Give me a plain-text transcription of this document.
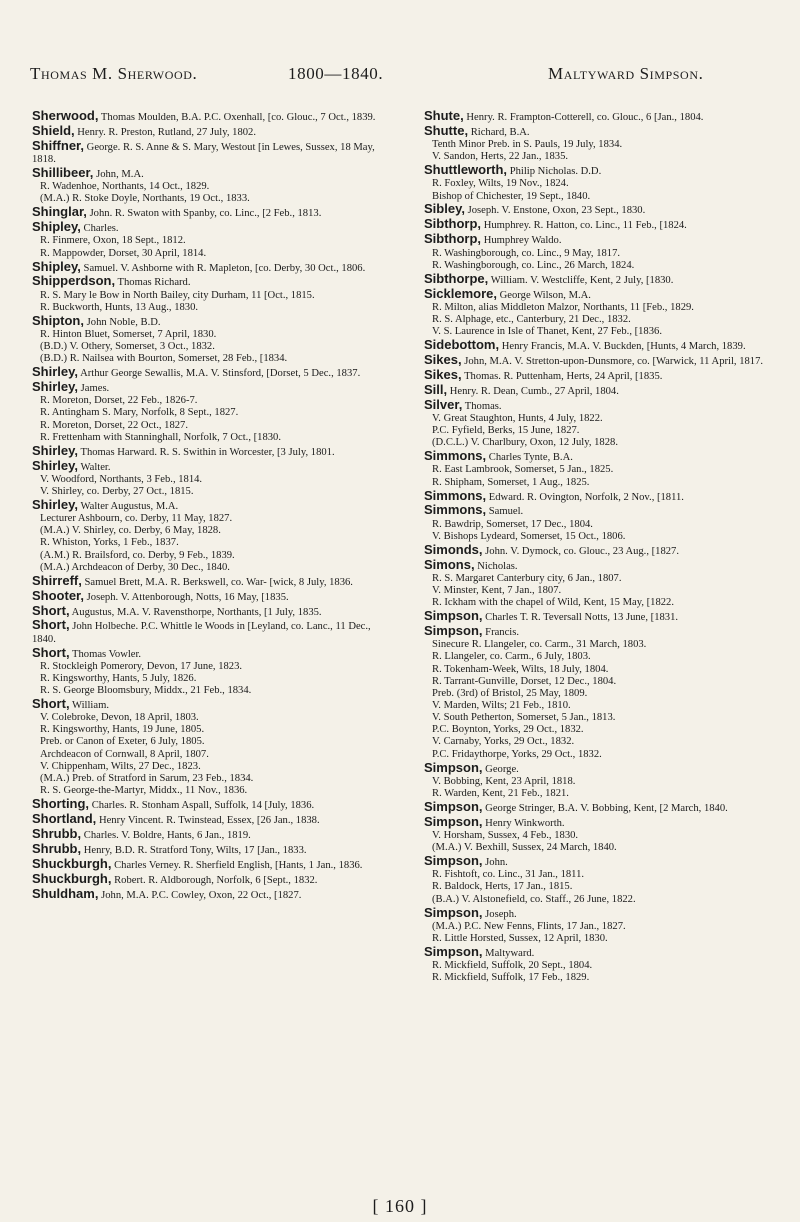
Thomas M. Sherwood.	1800—1840.	Maltyward Simpson.

Sherwood, Thomas Moulden, B.A. P.C. Oxenhall, [co. Glouc., 7 Oct., 1839.

Shield, Henry. R. Preston, Rutland, 27 July, 1802.

Shiffner, George. R. S. Anne & S. Mary, Westout [in Lewes, Sussex, 18 May, 1818.

Shillibeer, John, M.A.

R. Wadenhoe, Northants, 14 Oct., 1829.

(M.A.) R. Stoke Doyle, Northants, 19 Oct., 1833.

Shinglar, John. R. Swaton with Spanby, co. Linc., [2 Feb., 1813.

Shipley, Charles.

R. Finmere, Oxon, 18 Sept., 1812.

R. Mappowder, Dorset, 30 April, 1814.

Shipley, Samuel. V. Ashborne with R. Mapleton, [co. Derby, 30 Oct., 1806.

Shipperdson, Thomas Richard.

R. S. Mary le Bow in North Bailey, city Durham, 11 [Oct., 1815.

R. Buckworth, Hunts, 13 Aug., 1830.

Shipton, John Noble, B.D.

R. Hinton Bluet, Somerset, 7 April, 1830.

(B.D.) V. Othery, Somerset, 3 Oct., 1832.

(B.D.) R. Nailsea with Bourton, Somerset, 28 Feb., [1834.

Shirley, Arthur George Sewallis, M.A. V. Stinsford, [Dorset, 5 Dec., 1837.

Shirley, James.

R. Moreton, Dorset, 22 Feb., 1826-7.

R. Antingham S. Mary, Norfolk, 8 Sept., 1827.

R. Moreton, Dorset, 22 Oct., 1827.

R. Frettenham with Stanninghall, Norfolk, 7 Oct., [1830.

Shirley, Thomas Harward. R. S. Swithin in Worcester, [3 July, 1801.

Shirley, Walter.

V. Woodford, Northants, 3 Feb., 1814.

V. Shirley, co. Derby, 27 Oct., 1815.

Shirley, Walter Augustus, M.A.

Lecturer Ashbourn, co. Derby, 11 May, 1827.

(M.A.) V. Shirley, co. Derby, 6 May, 1828.

R. Whiston, Yorks, 1 Feb., 1837.

(A.M.) R. Brailsford, co. Derby, 9 Feb., 1839.

(M.A.) Archdeacon of Derby, 30 Dec., 1840.

Shirreff, Samuel Brett, M.A. R. Berkswell, co. War- [wick, 8 July, 1836.

Shooter, Joseph. V. Attenborough, Notts, 16 May, [1835.

Short, Augustus, M.A. V. Ravensthorpe, Northants, [1 July, 1835.

Short, John Holbeche. P.C. Whittle le Woods in [Leyland, co. Lanc., 11 Dec., 1840.

Short, Thomas Vowler.

R. Stockleigh Pomerory, Devon, 17 June, 1823.

R. Kingsworthy, Hants, 5 July, 1826.

R. S. George Bloomsbury, Middx., 21 Feb., 1834.

Short, William.

V. Colebroke, Devon, 18 April, 1803.

R. Kingsworthy, Hants, 19 June, 1805.

Preb. or Canon of Exeter, 6 July, 1805.

Archdeacon of Cornwall, 8 April, 1807.

V. Chippenham, Wilts, 27 Dec., 1823.

(M.A.) Preb. of Stratford in Sarum, 23 Feb., 1834.

R. S. George-the-Martyr, Middx., 11 Nov., 1836.

Shorting, Charles. R. Stonham Aspall, Suffolk, 14 [July, 1836.

Shortland, Henry Vincent. R. Twinstead, Essex, [26 Jan., 1838.

Shrubb, Charles. V. Boldre, Hants, 6 Jan., 1819.

Shrubb, Henry, B.D. R. Stratford Tony, Wilts, 17 [Jan., 1833.

Shuckburgh, Charles Verney. R. Sherfield English, [Hants, 1 Jan., 1836.

Shuckburgh, Robert. R. Aldborough, Norfolk, 6 [Sept., 1832.

Shuldham, John, M.A. P.C. Cowley, Oxon, 22 Oct., [1827.

Shute, Henry. R. Frampton-Cotterell, co. Glouc., 6 [Jan., 1804.

Shutte, Richard, B.A.

Tenth Minor Preb. in S. Pauls, 19 July, 1834.

V. Sandon, Herts, 22 Jan., 1835.

Shuttleworth, Philip Nicholas. D.D.

R. Foxley, Wilts, 19 Nov., 1824.

Bishop of Chichester, 19 Sept., 1840.

Sibley, Joseph. V. Enstone, Oxon, 23 Sept., 1830.

Sibthorp, Humphrey. R. Hatton, co. Linc., 11 Feb., [1824.

Sibthorp, Humphrey Waldo.

R. Washingborough, co. Linc., 9 May, 1817.

R. Washingborough, co. Linc., 26 March, 1824.

Sibthorpe, William. V. Westcliffe, Kent, 2 July, [1830.

Sicklemore, George Wilson, M.A.

R. Milton, alias Middleton Malzor, Northants, 11 [Feb., 1829.

R. S. Alphage, etc., Canterbury, 21 Dec., 1832.

V. S. Laurence in Isle of Thanet, Kent, 27 Feb., [1836.

Sidebottom, Henry Francis, M.A. V. Buckden, [Hunts, 4 March, 1839.

Sikes, John, M.A. V. Stretton-upon-Dunsmore, co. [Warwick, 11 April, 1817.

Sikes, Thomas. R. Puttenham, Herts, 24 April, [1835.

Sill, Henry. R. Dean, Cumb., 27 April, 1804.

Silver, Thomas.

V. Great Staughton, Hunts, 4 July, 1822.

P.C. Fyfield, Berks, 15 June, 1827.

(D.C.L.) V. Charlbury, Oxon, 12 July, 1828.

Simmons, Charles Tynte, B.A.

R. East Lambrook, Somerset, 5 Jan., 1825.

R. Shipham, Somerset, 1 Aug., 1825.

Simmons, Edward. R. Ovington, Norfolk, 2 Nov., [1811.

Simmons, Samuel.

R. Bawdrip, Somerset, 17 Dec., 1804.

V. Bishops Lydeard, Somerset, 15 Oct., 1806.

Simonds, John. V. Dymock, co. Glouc., 23 Aug., [1827.

Simons, Nicholas.

R. S. Margaret Canterbury city, 6 Jan., 1807.

V. Minster, Kent, 7 Jan., 1807.

R. Ickham with the chapel of Wild, Kent, 15 May, [1822.

Simpson, Charles T. R. Teversall Notts, 13 June, [1831.

Simpson, Francis.

Sinecure R. Llangeler, co. Carm., 31 March, 1803.

R. Llangeler, co. Carm., 6 July, 1803.

R. Tokenham-Week, Wilts, 18 July, 1804.

R. Tarrant-Gunville, Dorset, 12 Dec., 1804.

Preb. (3rd) of Bristol, 25 May, 1809.

V. Marden, Wilts; 21 Feb., 1810.

V. South Petherton, Somerset, 5 Jan., 1813.

P.C. Boynton, Yorks, 29 Oct., 1832.

V. Carnaby, Yorks, 29 Oct., 1832.

P.C. Fridaythorpe, Yorks, 29 Oct., 1832.

Simpson, George.

V. Bobbing, Kent, 23 April, 1818.

R. Warden, Kent, 21 Feb., 1821.

Simpson, George Stringer, B.A. V. Bobbing, Kent, [2 March, 1840.

Simpson, Henry Winkworth.

V. Horsham, Sussex, 4 Feb., 1830.

(M.A.) V. Bexhill, Sussex, 24 March, 1840.

Simpson, John.

R. Fishtoft, co. Linc., 31 Jan., 1811.

R. Baldock, Herts, 17 Jan., 1815.

(B.A.) V. Alstonefield, co. Staff., 26 June, 1822.

Simpson, Joseph.

(M.A.) P.C. New Fenns, Flints, 17 Jan., 1827.

R. Little Horsted, Sussex, 12 April, 1830.

Simpson, Maltyward.

R. Mickfield, Suffolk, 20 Sept., 1804.

R. Mickfield, Suffolk, 17 Feb., 1829.

[ 160 ]
